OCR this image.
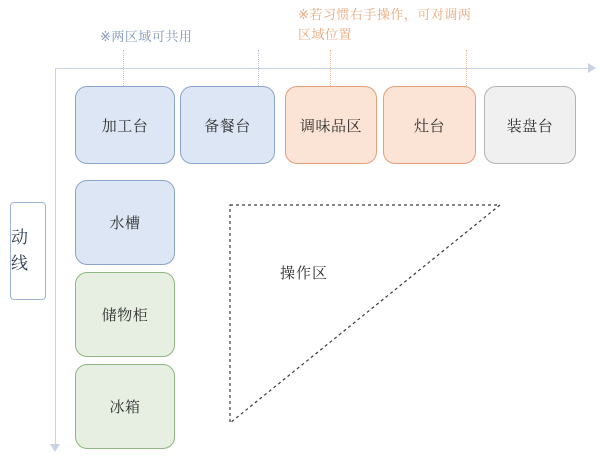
※两区域可共用
※若习惯右手操作，可对调两区域位置
动线
加工台	备餐台	调味品区	灶台	装盘台
水槽
储物柜
冰箱
操作区
